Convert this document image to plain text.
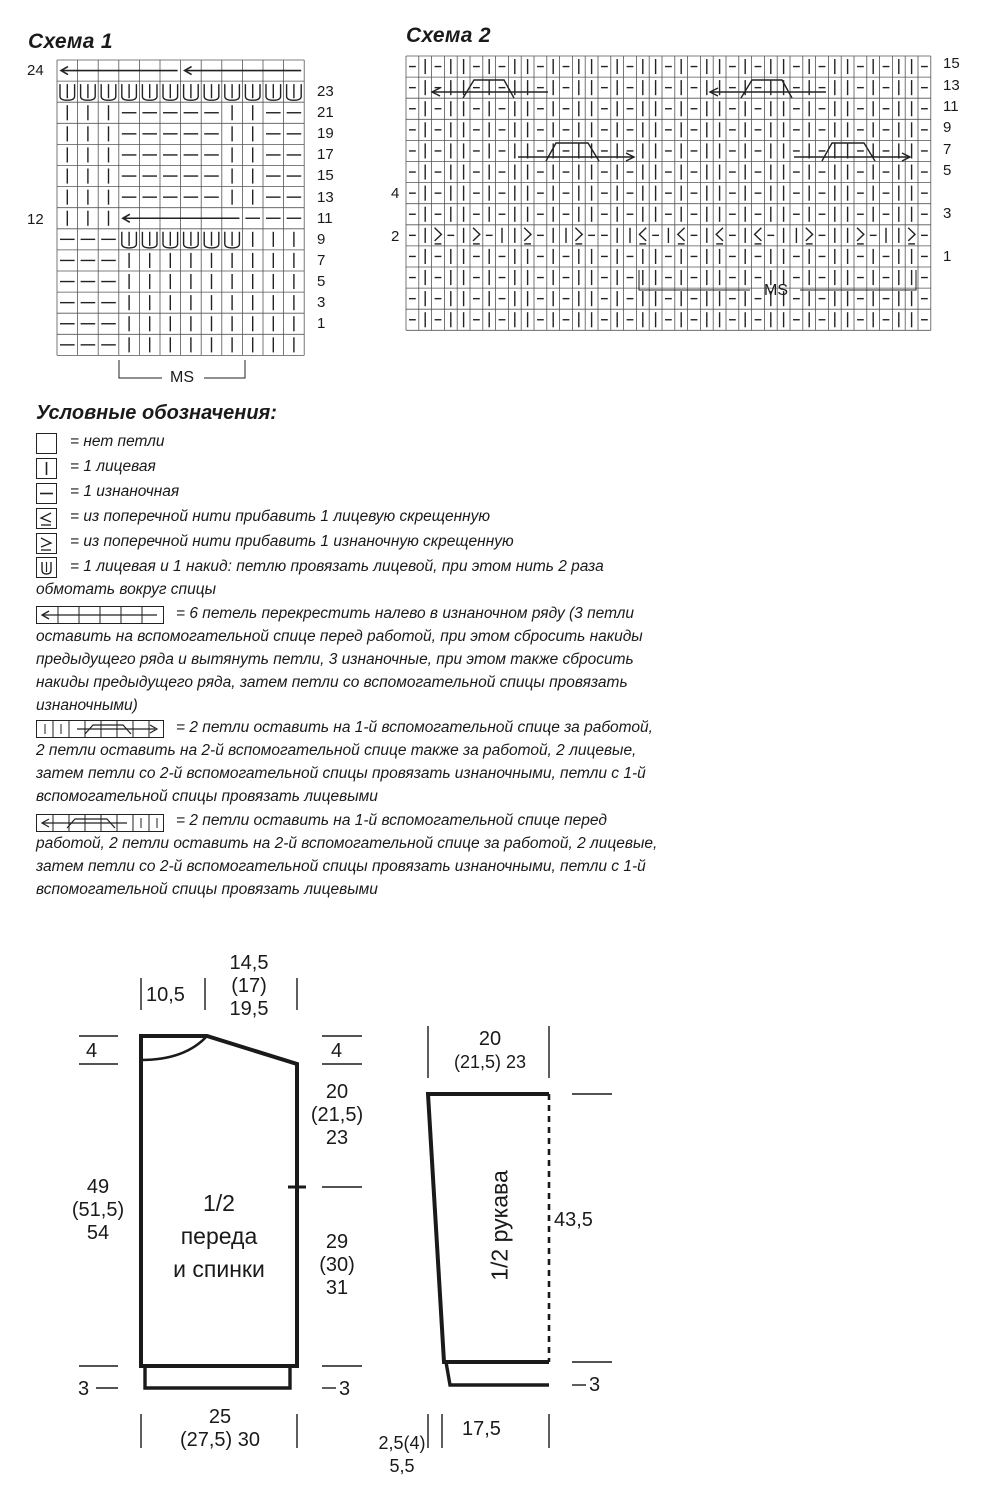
Схема 1
24
12
23
21
19
17
15
13
11
9
7
5
3
1
MS
Схема 2
4
2
15
13
11
9
7
5
3
1
MS
Условные обозначения:
= нет петли
= 1 лицевая
= 1 изнаночная
= из поперечной нити прибавить 1 лицевую скрещенную
= из поперечной нити прибавить 1 изнаночную скрещенную
= 1 лицевая и 1 накид: петлю провязать лицевой, при этом нить 2 раза
обмотать вокруг спицы
= 6 петель перекрестить налево в изнаночном ряду (3 петли
оставить на вспомогательной спице перед работой, при этом сбросить накиды
предыдущего ряда и вытянуть петли, 3 изнаночные, при этом также сбросить
накиды предыдущего ряда, затем петли со вспомогательной спицы провязать
изнаночными)
= 2 петли оставить на 1-й вспомогательной спице за работой,
2 петли оставить на 2-й вспомогательной спице также за работой, 2 лицевые,
затем петли со 2-й вспомогательной спицы провязать изнаночными, петли с 1-й
вспомогательной спицы провязать лицевыми
= 2 петли оставить на 1-й вспомогательной спице перед
работой, 2 петли оставить на 2-й вспомогательной спице за работой, 2 лицевые,
затем петли со 2-й вспомогательной спицы провязать изнаночными, петли с 1-й
вспомогательной спицы провязать лицевыми
10,5
14,5
(17)
19,5
4	4
20
(21,5)
23
49
(51,5)
54
1/2
переда
и спинки
29
(30)
31
3	3
25
(27,5) 30
20
(21,5) 23
1/2 рукава 43,5
3
2,5(4)
5,5
17,5
